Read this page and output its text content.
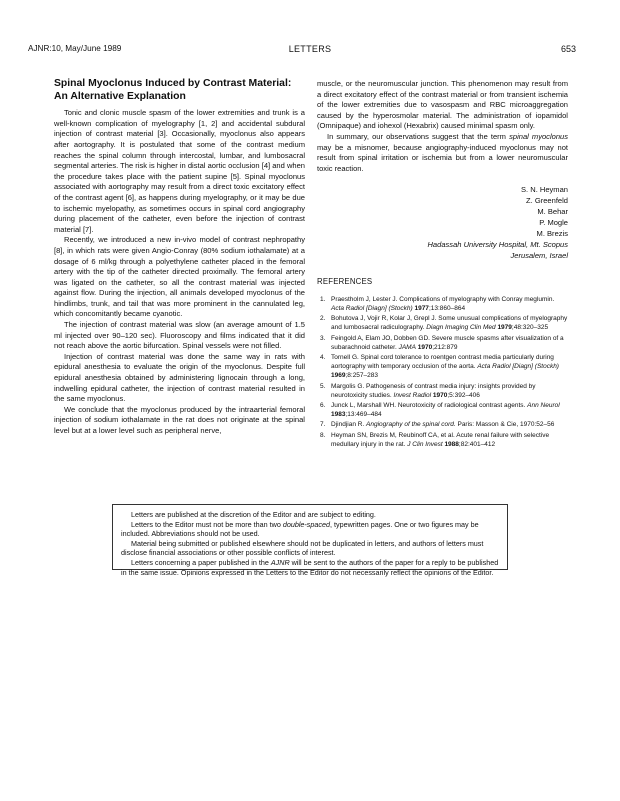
AJNR:10, May/June 1989	LETTERS	653
Spinal Myoclonus Induced by Contrast Material: An Alternative Explanation

Tonic and clonic muscle spasm of the lower extremities and trunk is a well-known complication of myelography [1, 2] and accidental subdural injection of contrast material [3]. Occasionally, myoclonus also appears after aortography. It is postulated that some of the contrast medium reaches the spinal column through intercostal, lumbar, and lumbosacral segmental arteries. The risk is higher in distal aortic occlusion [4] and when the procedure takes place with the patient supine [5]. Spinal myoclonus associated with aortography may result from a direct toxic excitatory effect of the contrast agent [6], as happens during myelography, or it may be due to ischemic myelopathy, as sometimes occurs in spinal cord angiography during placement of the catheter, even before the injection of contrast material [7].

Recently, we introduced a new in-vivo model of contrast nephropathy [8], in which rats were given Angio-Conray (80% sodium iothalamate) at a dosage of 6 ml/kg through a polyethylene catheter placed in the femoral artery with the tip of the catheter directed proximally. The femoral artery was ligated on the catheter, so all the contrast material was injected against flow. During the injection, all animals developed myoclonus of the hindlimbs, trunk, and tail that was more prominent in the cannulated leg, which concomitantly became cyanotic.

The injection of contrast material was slow (an average amount of 1.5 ml injected over 90–120 sec). Fluoroscopy and films indicated that it did not reach above the aortic bifurcation. Spinal vessels were not filled.

Injection of contrast material was done the same way in rats with epidural anesthesia to evaluate the origin of the myoclonus. Despite full epidural anesthesia obtained by administering lignocain through a long, indwelling epidural catheter, the injection of contrast material resulted in the same myoclonus.

We conclude that the myoclonus produced by the intraarterial femoral injection of sodium iothalamate in the rat does not originate at the spinal level but at a lower level such as peripheral nerve,

muscle, or the neuromuscular junction. This phenomenon may result from a direct excitatory effect of the contrast material or from transient ischemia of the lower extremities due to vasospasm and RBC microaggregation caused by the hyperosmolar material. The administration of iopamidol (Omnipaque) and iohexol (Hexabrix) caused minimal spasm only.

In summary, our observations suggest that the term spinal myoclonus may be a misnomer, because angiography-induced myoclonus may not result from spinal irritation or ischemia but from a lower neuromuscular toxic reaction.

S. N. Heyman
Z. Greenfeld
M. Behar
P. Mogle
M. Brezis
Hadassah University Hospital, Mt. Scopus
Jerusalem, Israel
REFERENCES
1. Praestholm J, Lester J. Complications of myelography with Conray meglumin. Acta Radiol [Diagn] (Stockh) 1977;13:860–864
2. Bohutova J, Vojir R, Kolar J, Grepl J. Some unusual complications of myelography and lumbosacral radiculography. Diagn Imaging Clin Med 1979;48:320–325
3. Feingold A, Elam JO, Dobben GD. Severe muscle spasms after visualization of a subarachnoid catheter. JAMA 1970;212:879
4. Tornell G. Spinal cord tolerance to roentgen contrast media particularly during aortography with temporary occlusion of the aorta. Acta Radiol [Diagn] (Stockh) 1969;8:257–283
5. Margolis G. Pathogenesis of contrast media injury: insights provided by neurotoxicity studies. Invest Radiol 1970;5:392–406
6. Junck L, Marshall WH. Neurotoxicity of radiological contrast agents. Ann Neurol 1983;13:469–484
7. Djindjian R. Angiography of the spinal cord. Paris: Masson & Cie, 1970:52–56
8. Heyman SN, Brezis M, Reubinoff CA, et al. Acute renal failure with selective medullary injury in the rat. J Clin Invest 1988;82:401–412

Letters are published at the discretion of the Editor and are subject to editing.

Letters to the Editor must not be more than two double-spaced, typewritten pages. One or two figures may be included. Abbreviations should not be used.

Material being submitted or published elsewhere should not be duplicated in letters, and authors of letters must disclose financial associations or other possible conflicts of interest.

Letters concerning a paper published in the AJNR will be sent to the authors of the paper for a reply to be published in the same issue. Opinions expressed in the Letters to the Editor do not necessarily reflect the opinions of the Editor.
